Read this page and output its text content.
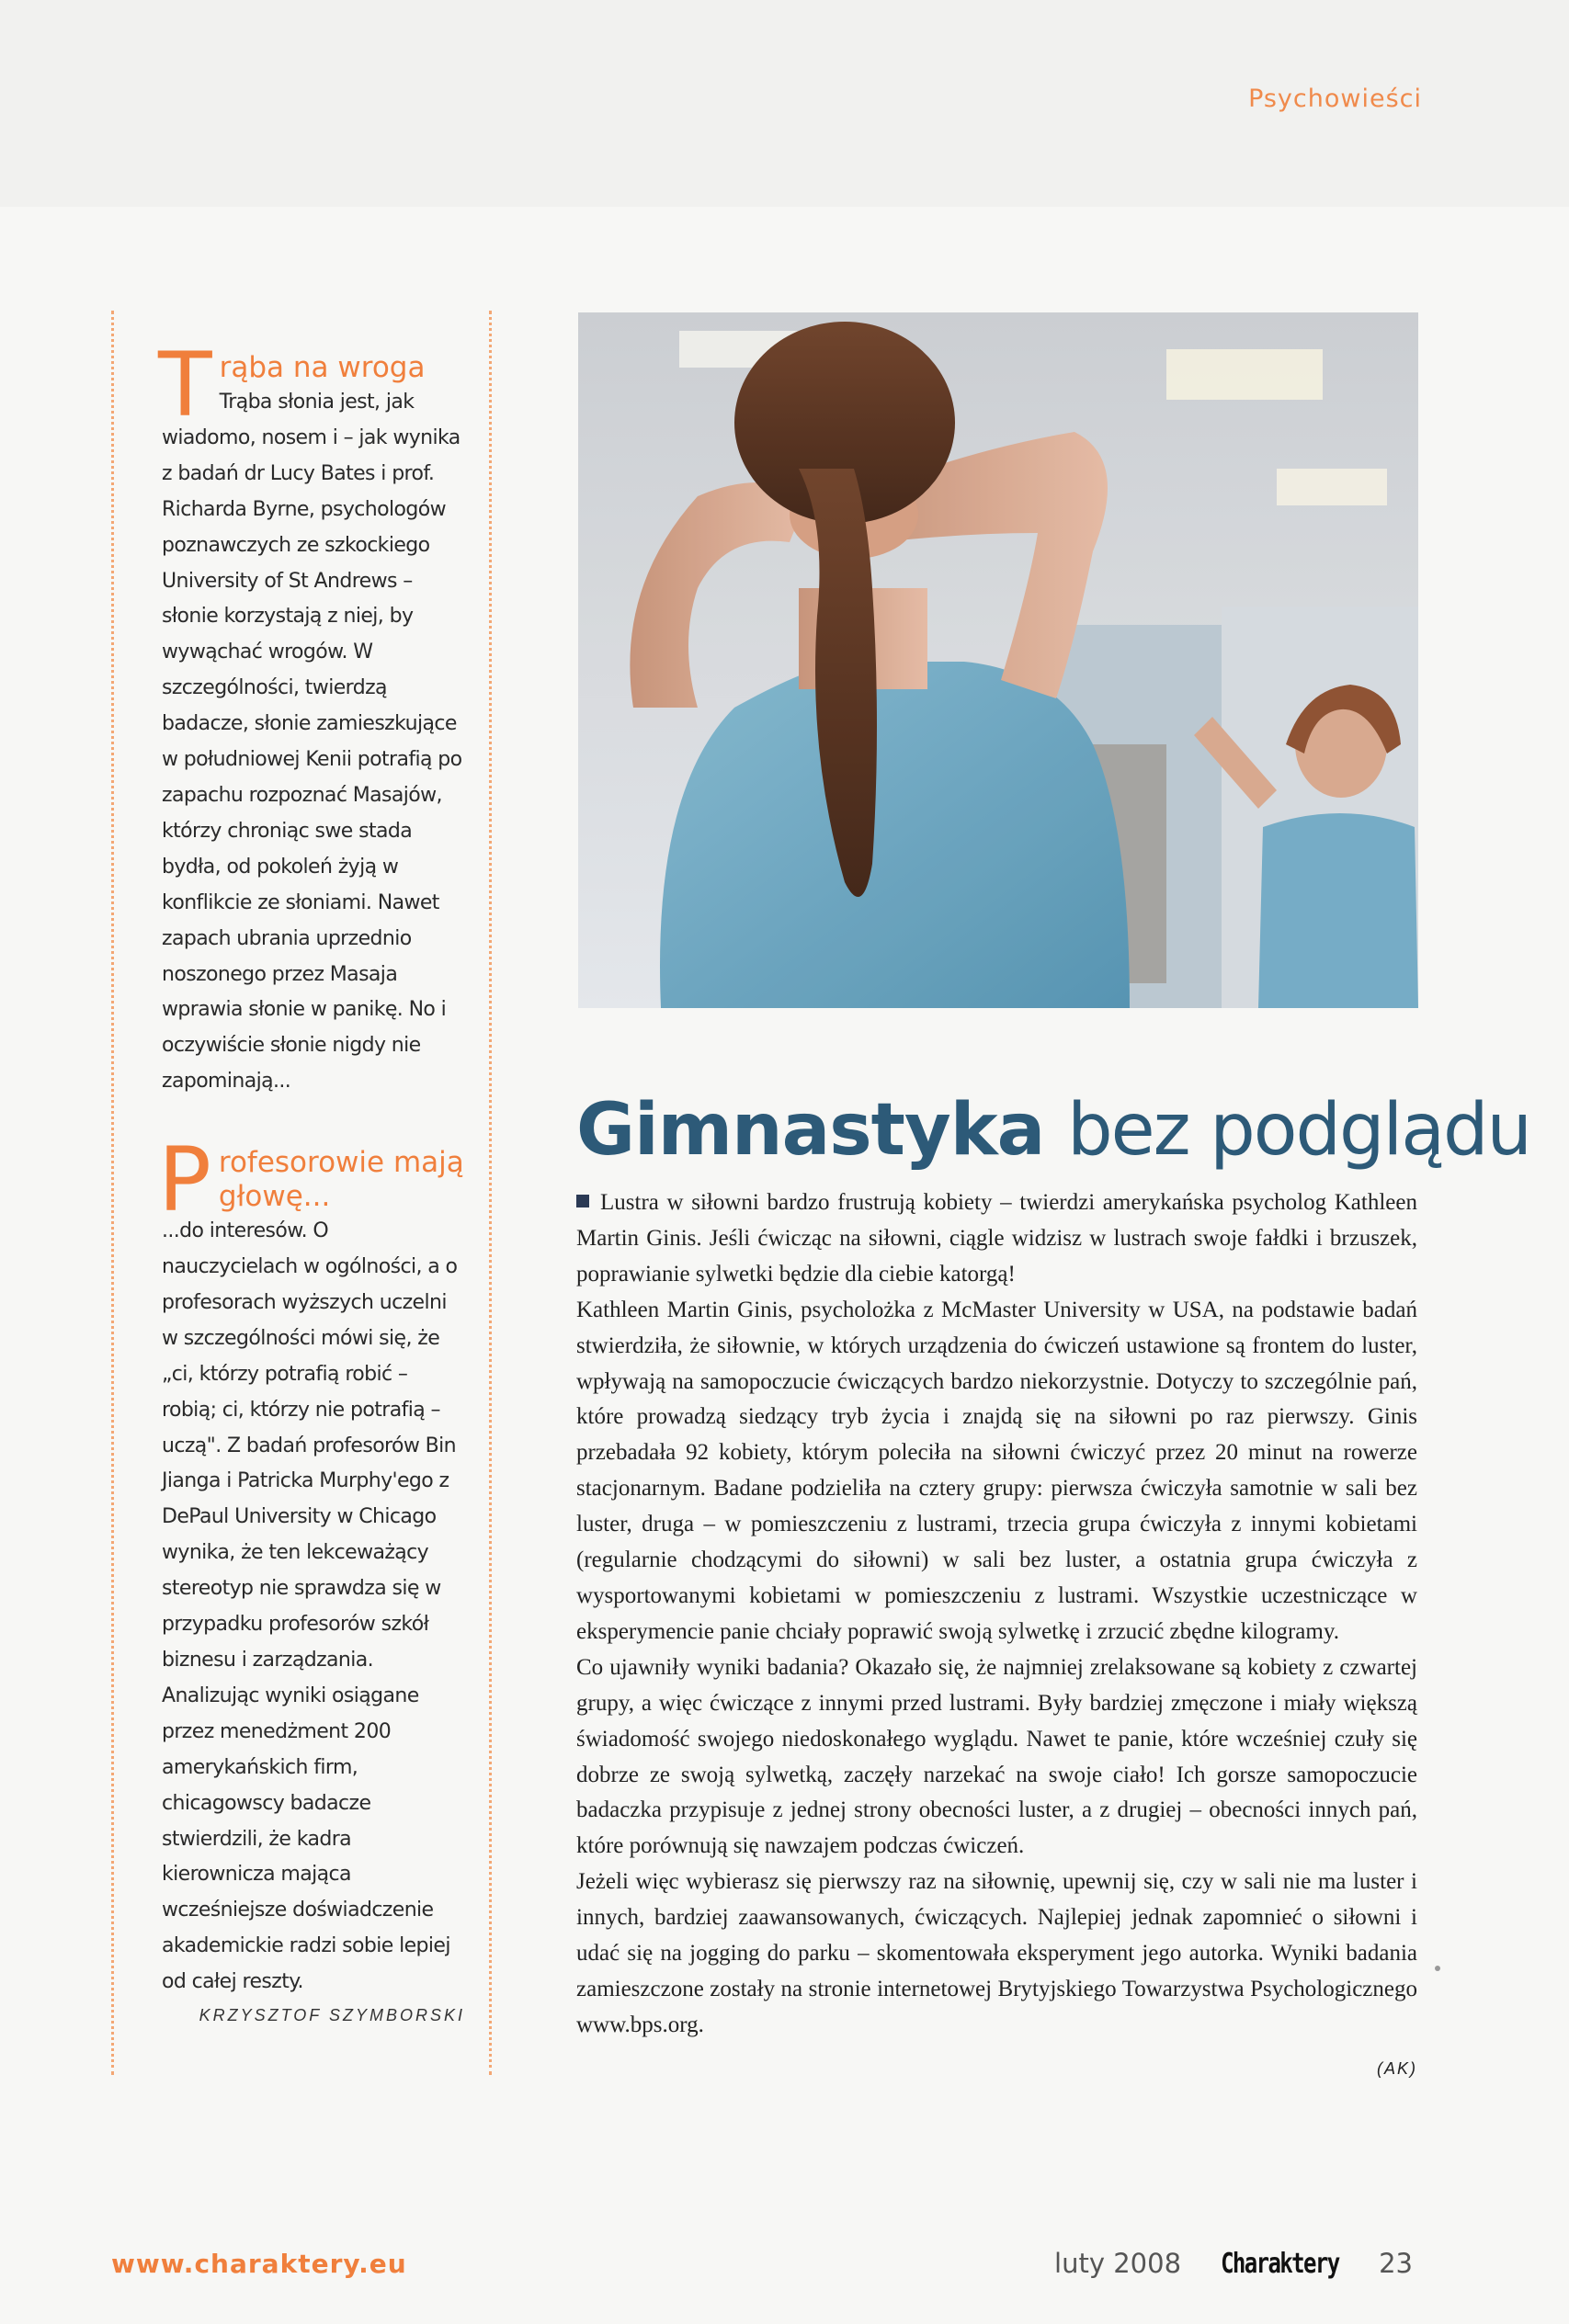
Psychowieści
T rąba na wroga
Trąba słonia jest, jak wiadomo, nosem i – jak wynika z badań dr Lucy Bates i prof. Richarda Byrne, psychologów poznawczych ze szkockiego University of St Andrews – słonie korzystają z niej, by wywąchać wrogów. W szczególności, twierdzą badacze, słonie zamieszkujące w południowej Kenii potrafią po zapachu rozpoznać Masajów, którzy chroniąc swe stada bydła, od pokoleń żyją w konflikcie ze słoniami. Nawet zapach ubrania uprzednio noszonego przez Masaja wprawia słonie w panikę. No i oczywiście słonie nigdy nie zapominają...
P rofesorowie mają głowę...
...do interesów. O nauczycielach w ogólności, a o profesorach wyższych uczelni w szczególności mówi się, że „ci, którzy potrafią robić – robią; ci, którzy nie potrafią – uczą". Z badań profesorów Bin Jianga i Patricka Murphy'ego z DePaul University w Chicago wynika, że ten lekceważący stereotyp nie sprawdza się w przypadku profesorów szkół biznesu i zarządzania. Analizując wyniki osiągane przez menedżment 200 amerykańskich firm, chicagowscy badacze stwierdzili, że kadra kierownicza mająca wcześniejsze doświadczenie akademickie radzi sobie lepiej od całej reszty.
KRZYSZTOF SZYMBORSKI
Gimnastyka bez podglądu

Lustra w siłowni bardzo frustrują kobiety – twierdzi amerykańska psycholog Kathleen Martin Ginis. Jeśli ćwicząc na siłowni, ciągle widzisz w lustrach swoje fałdki i brzuszek, poprawianie sylwetki będzie dla ciebie katorgą!

Kathleen Martin Ginis, psycholożka z McMaster University w USA, na podstawie badań stwierdziła, że siłownie, w których urządzenia do ćwiczeń ustawione są frontem do luster, wpływają na samopoczucie ćwiczących bardzo niekorzystnie. Dotyczy to szczególnie pań, które prowadzą siedzący tryb życia i znajdą się na siłowni po raz pierwszy. Ginis przebadała 92 kobiety, którym poleciła na siłowni ćwiczyć przez 20 minut na rowerze stacjonarnym. Badane podzieliła na cztery grupy: pierwsza ćwiczyła samotnie w sali bez luster, druga – w pomieszczeniu z lustrami, trzecia grupa ćwiczyła z innymi kobietami (regularnie chodzącymi do siłowni) w sali bez luster, a ostatnia grupa ćwiczyła z wysportowanymi kobietami w pomieszczeniu z lustrami. Wszystkie uczestniczące w eksperymencie panie chciały poprawić swoją sylwetkę i zrzucić zbędne kilogramy.

Co ujawniły wyniki badania? Okazało się, że najmniej zrelaksowane są kobiety z czwartej grupy, a więc ćwiczące z innymi przed lustrami. Były bardziej zmęczone i miały większą świadomość swojego niedoskonałego wyglądu. Nawet te panie, które wcześniej czuły się dobrze ze swoją sylwetką, zaczęły narzekać na swoje ciało! Ich gorsze samopoczucie badaczka przypisuje z jednej strony obecności luster, a z drugiej – obecności innych pań, które porównują się nawzajem podczas ćwiczeń.

Jeżeli więc wybierasz się pierwszy raz na siłownię, upewnij się, czy w sali nie ma luster i innych, bardziej zaawansowanych, ćwiczących. Najlepiej jednak zapomnieć o siłowni i udać się na jogging do parku – skomentowała eksperyment jego autorka. Wyniki badania zamieszczone zostały na stronie internetowej Brytyjskiego Towarzystwa Psychologicznego www.bps.org.

(AK)
www.charaktery.eu	luty 2008 Charaktery 23
